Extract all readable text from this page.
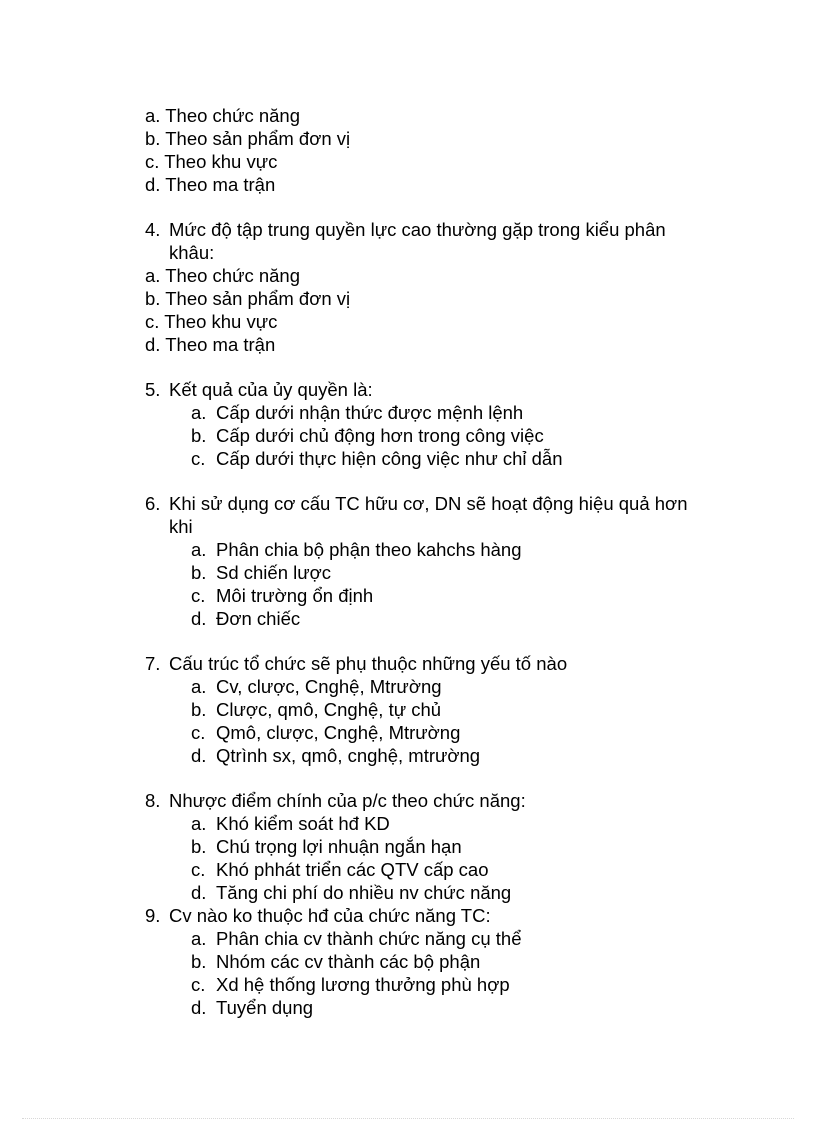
a. Theo chức năng
b. Theo sản phẩm đơn vị
c. Theo khu vực
d. Theo ma trận
4. Mức độ tập trung quyền lực cao thường gặp trong kiểu phân
khâu:
a. Theo chức năng
b. Theo sản phẩm đơn vị
c. Theo khu vực
d. Theo ma trận
5. Kết quả của ủy quyền là:
a. Cấp dưới nhận thức được mệnh lệnh
b. Cấp dưới chủ động hơn trong công việc
c. Cấp dưới thực hiện công việc như chỉ dẫn
6. Khi sử dụng cơ cấu TC hữu cơ, DN sẽ hoạt động hiệu quả hơn
khi
a. Phân chia bộ phận theo kahchs hàng
b. Sd chiến lược
c. Môi trường ổn định
d. Đơn chiếc
7. Cấu trúc tổ chức sẽ phụ thuộc những yếu tố nào
a. Cv, clược, Cnghệ, Mtrường
b. Clược, qmô, Cnghệ, tự chủ
c. Qmô, clược, Cnghệ, Mtrường
d. Qtrình sx, qmô, cnghệ, mtrường
8. Nhược điểm chính của p/c theo chức năng:
a. Khó kiểm soát hđ KD
b. Chú trọng lợi nhuận ngắn hạn
c. Khó phhát triển các QTV cấp cao
d. Tăng chi phí do nhiều nv chức năng
9. Cv nào ko thuộc hđ của chức năng TC:
a. Phân chia cv thành chức năng cụ thể
b. Nhóm các cv thành các bộ phận
c. Xd hệ thống lương thưởng phù hợp
d. Tuyển dụng
